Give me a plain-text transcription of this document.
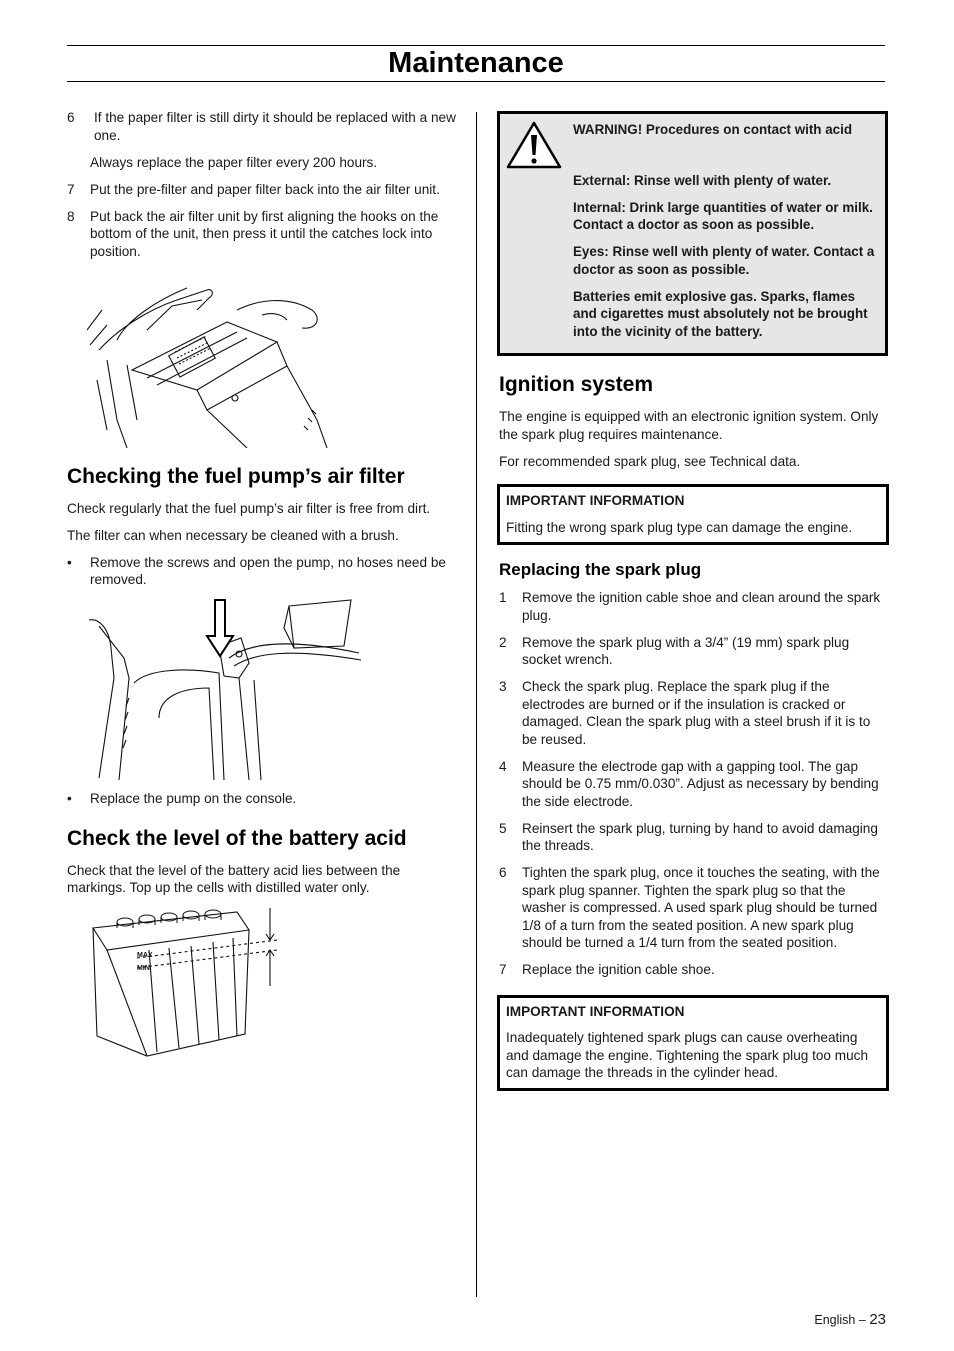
Maintenance
6 If the paper filter is still dirty it should be replaced with a new one.
Always replace the paper filter every 200 hours.
7 Put the pre-filter and paper filter back into the air filter unit.
8 Put back the air filter unit by first aligning the hooks on the bottom of the unit, then press it until the catches lock into position.
Checking the fuel pump’s air filter

Check regularly that the fuel pump’s air filter is free from dirt.

The filter can when necessary be cleaned with a brush.

• Remove the screws and open the pump, no hoses need be removed.
• Replace the pump on the console.
Check the level of the battery acid

Check that the level of the battery acid lies between the markings. Top up the cells with distilled water only.

MAX
MIN

WARNING! Procedures on contact with acid

External: Rinse well with plenty of water.

Internal: Drink large quantities of water or milk. Contact a doctor as soon as possible.

Eyes: Rinse well with plenty of water. Contact a doctor as soon as possible.

Batteries emit explosive gas. Sparks, flames and cigarettes must absolutely not be brought into the vicinity of the battery.

Ignition system

The engine is equipped with an electronic ignition system. Only the spark plug requires maintenance.

For recommended spark plug, see Technical data.

IMPORTANT INFORMATION
Fitting the wrong spark plug type can damage the engine.
Replacing the spark plug
1 Remove the ignition cable shoe and clean around the spark plug.
2 Remove the spark plug with a 3/4” (19 mm) spark plug socket wrench.
3 Check the spark plug. Replace the spark plug if the electrodes are burned or if the insulation is cracked or damaged. Clean the spark plug with a steel brush if it is to be reused.
4 Measure the electrode gap with a gapping tool. The gap should be 0.75 mm/0.030”. Adjust as necessary by bending the side electrode.
5 Reinsert the spark plug, turning by hand to avoid damaging the threads.
6 Tighten the spark plug, once it touches the seating, with the spark plug spanner. Tighten the spark plug so that the washer is compressed. A used spark plug should be turned 1/8 of a turn from the seated position. A new spark plug should be turned a 1/4 turn from the seated position.
7 Replace the ignition cable shoe.
IMPORTANT INFORMATION
Inadequately tightened spark plugs can cause overheating and damage the engine. Tightening the spark plug too much can damage the threads in the cylinder head.
English – 23
